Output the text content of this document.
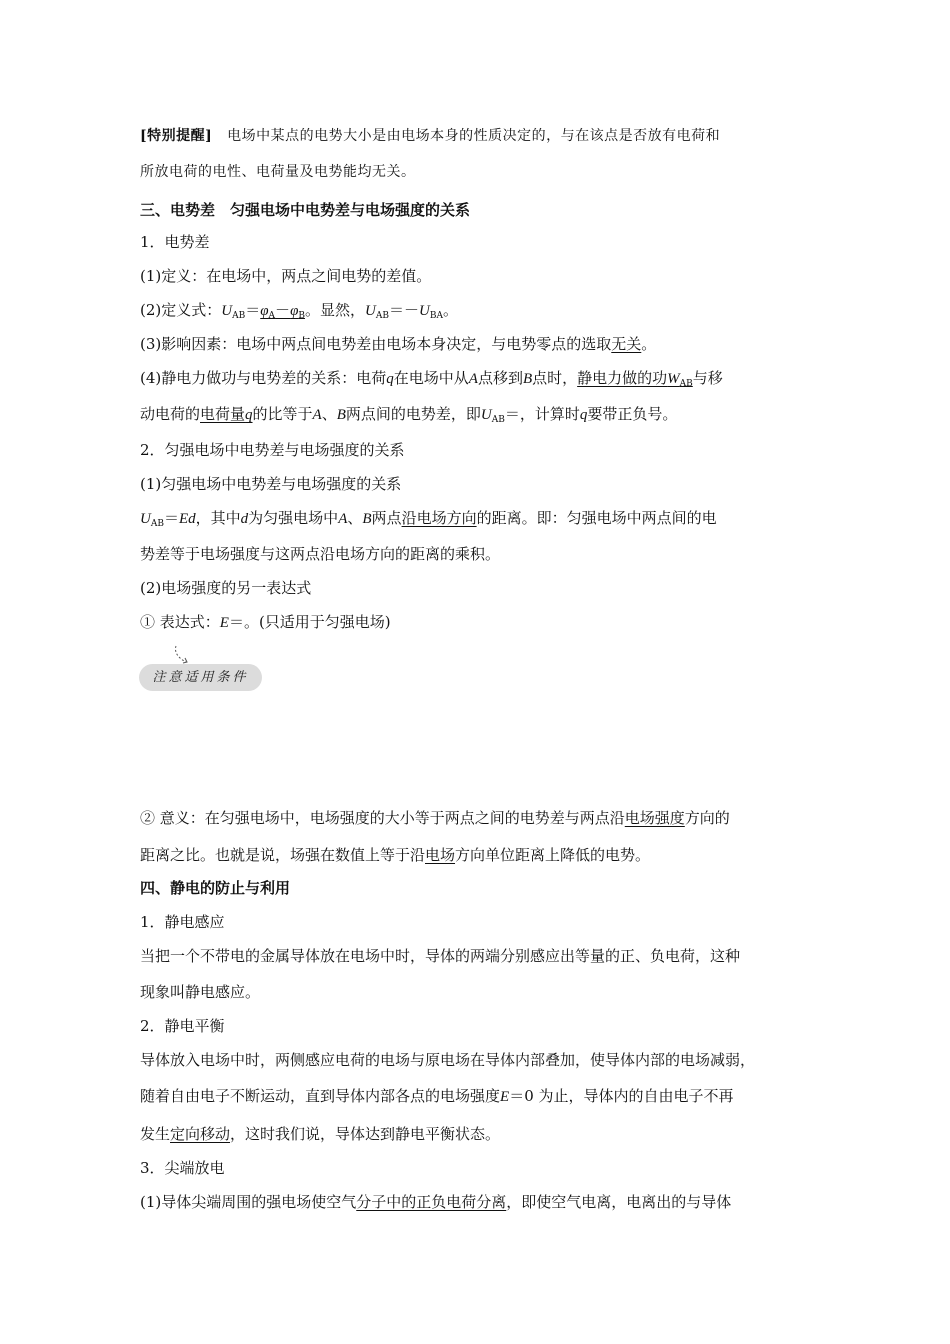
[特别提醒] 电场中某点的电势大小是由电场本身的性质决定的，与在该点是否放有电荷和
所放电荷的电性、电荷量及电势能均无关。
三、电势差　匀强电场中电势差与电场强度的关系
1．电势差
(1)定义：在电场中，两点之间电势的差值。
(2)定义式：$U_{AB}=\varphi_A-\varphi_B$。显然，$U_{AB}=-U_{BA}$。
(3)影响因素：电场中两点间电势差由电场本身决定，与电势零点的选取无关。
(4)静电力做功与电势差的关系：电荷q在电场中从A点移到B点时，静电力做的功$W_{AB}$与移
动电荷的电荷量q的比等于A、B两点间的电势差，即$U_{AB}=$，计算时q要带正负号。
2．匀强电场中电势差与电场强度的关系
(1)匀强电场中电势差与电场强度的关系
$U_{AB}=Ed$，其中d为匀强电场中A、B两点沿电场方向的距离。即：匀强电场中两点间的电
势差等于电场强度与这两点沿电场方向的距离的乘积。
(2)电场强度的另一表达式
① 表达式：E＝。(只适用于匀强电场)
注意适用条件
② 意义：在匀强电场中，电场强度的大小等于两点之间的电势差与两点沿电场强度方向的
距离之比。也就是说，场强在数值上等于沿电场方向单位距离上降低的电势。
四、静电的防止与利用
1．静电感应
当把一个不带电的金属导体放在电场中时，导体的两端分别感应出等量的正、负电荷，这种
现象叫静电感应。
2．静电平衡
导体放入电场中时，两侧感应电荷的电场与原电场在导体内部叠加，使导体内部的电场减弱，
随着自由电子不断运动，直到导体内部各点的电场强度E＝0 为止，导体内的自由电子不再
发生定向移动，这时我们说，导体达到静电平衡状态。
3．尖端放电
(1)导体尖端周围的强电场使空气分子中的正负电荷分离，即使空气电离，电离出的与导体
